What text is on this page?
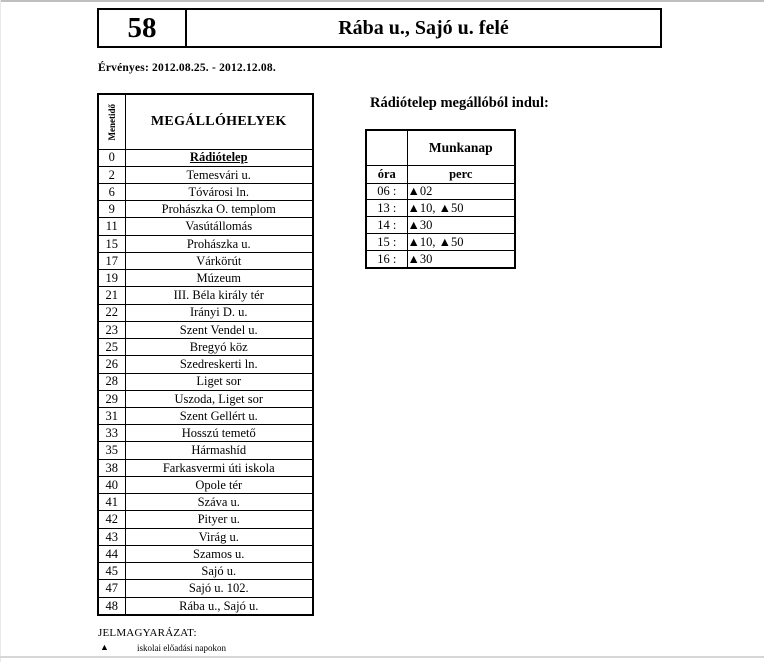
58	Rába u., Sajó u. felé
Érvényes: 2012.08.25. - 2012.12.08.
Menetidő	MEGÁLLÓHELYEK
0	Rádiótelep
2	Temesvári u.
6	Tóvárosi ln.
9	Prohászka O. templom
11	Vasútállomás
15	Prohászka u.
17	Várkörút
19	Múzeum
21	III. Béla király tér
22	Irányi D. u.
23	Szent Vendel u.
25	Bregyó köz
26	Szedreskerti ln.
28	Liget sor
29	Uszoda, Liget sor
31	Szent Gellért u.
33	Hosszú temető
35	Hármashíd
38	Farkasvermi úti iskola
40	Opole tér
41	Száva u.
42	Pityer u.
43	Virág u.
44	Szamos u.
45	Sajó u.
47	Sajó u. 102.
48	Rába u., Sajó u.
Rádiótelep megállóból indul:
	Munkanap
óra	perc
06 :	▲02
13 :	▲10, ▲50
14 :	▲30
15 :	▲10, ▲50
16 :	▲30
JELMAGYARÁZAT:
▲	iskolai előadási napokon
